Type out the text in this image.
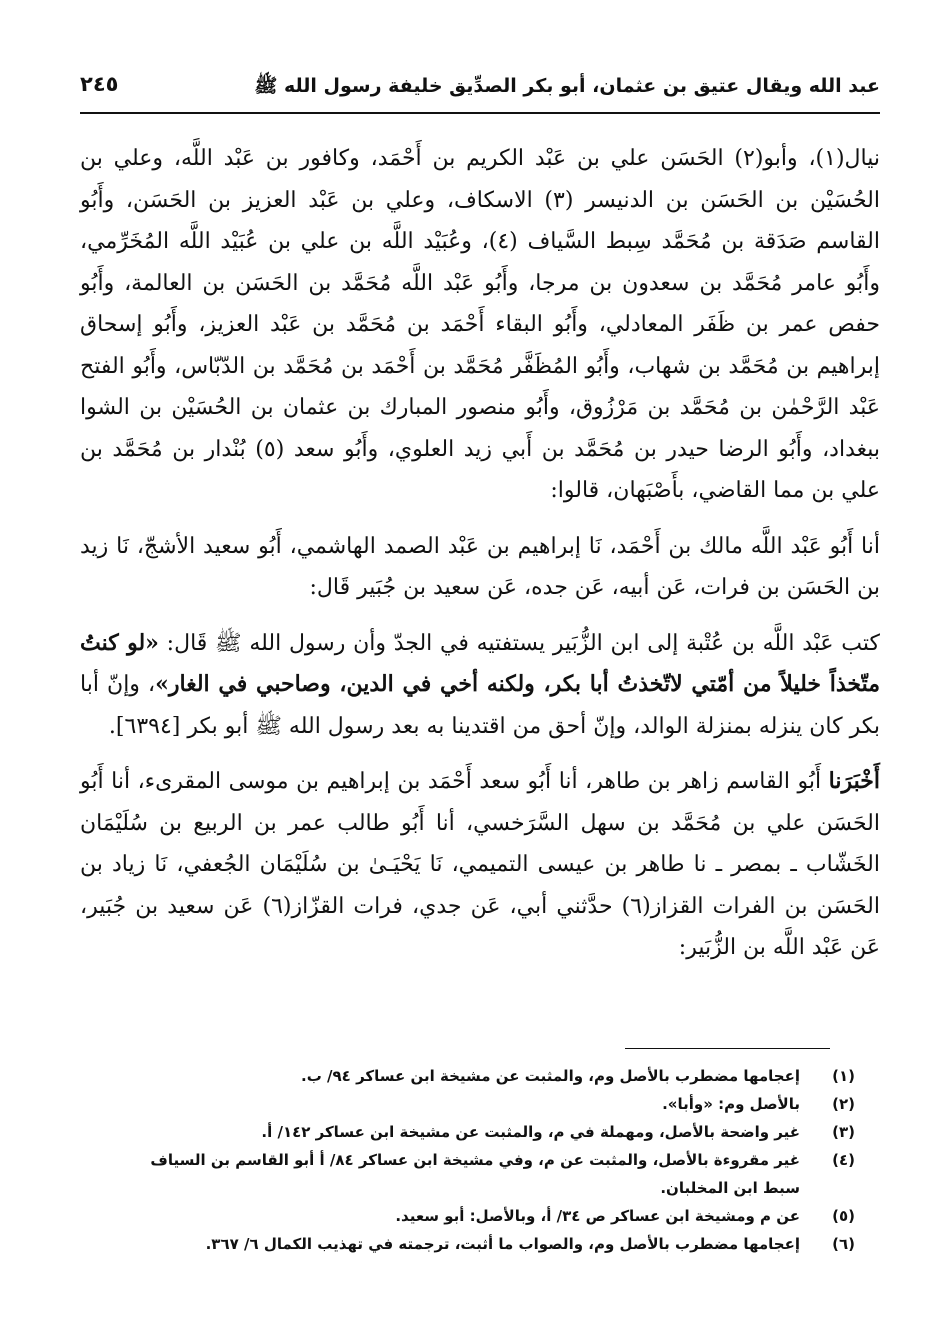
عبد الله ويقال عتيق بن عثمان، أبو بكر الصدِّيق خليفة رسول الله ﷺ
٢٤٥

نيال(١)، وأبو(٢) الحَسَن علي بن عَبْد الكريم بن أَحْمَد، وكافور بن عَبْد اللَّه، وعلي بن الحُسَيْن بن الحَسَن بن الدنيسر (٣) الاسكاف، وعلي بن عَبْد العزيز بن الحَسَن، وأَبُو القاسم صَدَقة بن مُحَمَّد سِبط السَّياف (٤)، وعُبَيْد اللَّه بن علي بن عُبَيْد اللَّه المُخَرِّمي، وأَبُو عامر مُحَمَّد بن سعدون بن مرجا، وأَبُو عَبْد اللَّه مُحَمَّد بن الحَسَن بن العالمة، وأَبُو حفص عمر بن ظَفَر المعادلي، وأَبُو البقاء أَحْمَد بن مُحَمَّد بن عَبْد العزيز، وأَبُو إسحاق إبراهيم بن مُحَمَّد بن شهاب، وأَبُو المُظَفَّر مُحَمَّد بن أَحْمَد بن مُحَمَّد بن الدّبّاس، وأَبُو الفتح عَبْد الرَّحْمٰن بن مُحَمَّد بن مَرْزُوق، وأَبُو منصور المبارك بن عثمان بن الحُسَيْن بن الشوا ببغداد، وأَبُو الرضا حيدر بن مُحَمَّد بن أَبي زيد العلوي، وأَبُو سعد (٥) بُنْدار بن مُحَمَّد بن علي بن مما القاضي، بأَصْبَهان، قالوا:

أنا أَبُو عَبْد اللَّه مالك بن أَحْمَد، نَا إبراهيم بن عَبْد الصمد الهاشمي، أَبُو سعيد الأشجّ، نَا زيد بن الحَسَن بن فرات، عَن أبيه، عَن جده، عَن سعيد بن جُبَير قَال:

كتب عَبْد اللَّه بن عُتْبة إلى ابن الزُّبَير يستفتيه في الجدّ وأن رسول الله ﷺ قَال: «لو كنتُ متّخذاً خليلاً من أمّتي لاتّخذتُ أبا بكر، ولكنه أخي في الدين، وصاحبي في الغار»، وإنّ أبا بكر كان ينزله بمنزلة الوالد، وإنّ أحق من اقتدينا به بعد رسول الله ﷺ أبو بكر [٦٣٩٤].

أَخْبَرَنا أَبُو القاسم زاهر بن طاهر، أنا أَبُو سعد أَحْمَد بن إبراهيم بن موسى المقرىء، أنا أَبُو الحَسَن علي بن مُحَمَّد بن سهل السَّرَخسي، أنا أَبُو طالب عمر بن الربيع بن سُلَيْمَان الخَشّاب ـ بمصر ـ نا طاهر بن عيسى التميمي، نَا يَحْيَـىٰ بن سُلَيْمَان الجُعفي، نَا زياد بن الحَسَن بن الفرات القزاز(٦) حدَّثني أبي، عَن جدي، فرات القزّاز(٦) عَن سعيد بن جُبَير، عَن عَبْد اللَّه بن الزُّبَير:

(١)
إعجامها مضطرب بالأصل وم، والمثبت عن مشيخة ابن عساكر ٩٤/ ب.
(٢)
بالأصل وم: «وأبا».
(٣)
غير واضحة بالأصل، ومهملة في م، والمثبت عن مشيخة ابن عساكر ١٤٢/ أ.
(٤)
غير مقروءة بالأصل، والمثبت عن م، وفي مشيخة ابن عساكر ٨٤/ أ أبو القاسم بن السياف سبط ابن المخلبان.
(٥)
عن م ومشيخة ابن عساكر ص ٣٤/ أ، وبالأصل: أبو سعيد.
(٦)
إعجامها مضطرب بالأصل وم، والصواب ما أثبت، ترجمته في تهذيب الكمال ٦/ ٣٦٧.
